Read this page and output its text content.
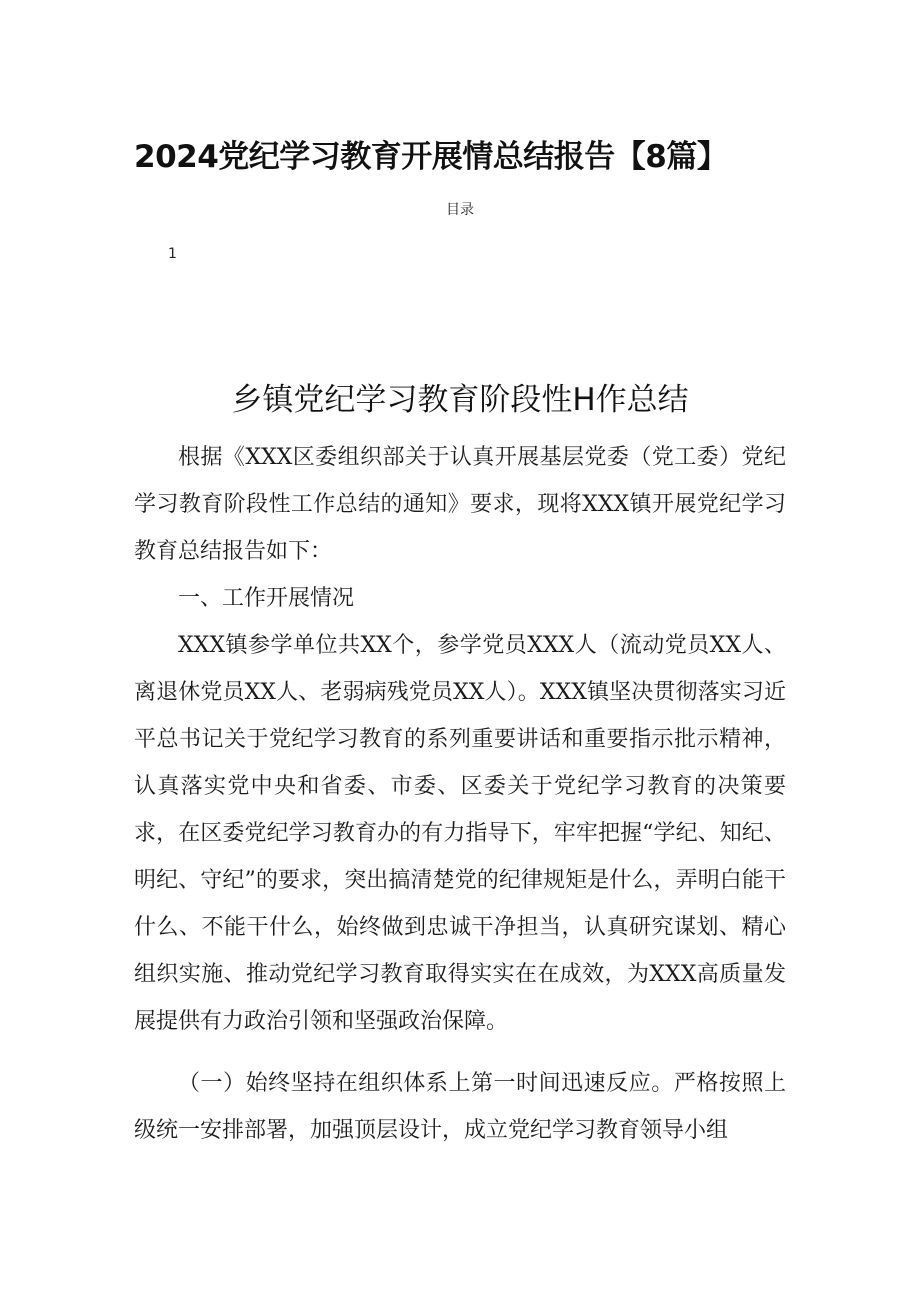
2024党纪学习教育开展情总结报告【8篇】
目录
1
乡镇党纪学习教育阶段性H作总结

根据《XXX区委组织部关于认真开展基层党委（党工委）党纪学习教育阶段性工作总结的通知》要求，现将XXX镇开展党纪学习教育总结报告如下：

一、工作开展情况

XXX镇参学单位共XX个，参学党员XXX人（流动党员XX人、离退休党员XX人、老弱病残党员XX人）。XXX镇坚决贯彻落实习近平总书记关于党纪学习教育的系列重要讲话和重要指示批示精神，认真落实党中央和省委、市委、区委关于党纪学习教育的决策要求，在区委党纪学习教育办的有力指导下，牢牢把握“学纪、知纪、明纪、守纪”的要求，突出搞清楚党的纪律规矩是什么，弄明白能干什么、不能干什么，始终做到忠诚干净担当，认真研究谋划、精心组织实施、推动党纪学习教育取得实实在在成效，为XXX高质量发展提供有力政治引领和坚强政治保障。

（一）始终坚持在组织体系上第一时间迅速反应。严格按照上级统一安排部署，加强顶层设计，成立党纪学习教育领导小组
